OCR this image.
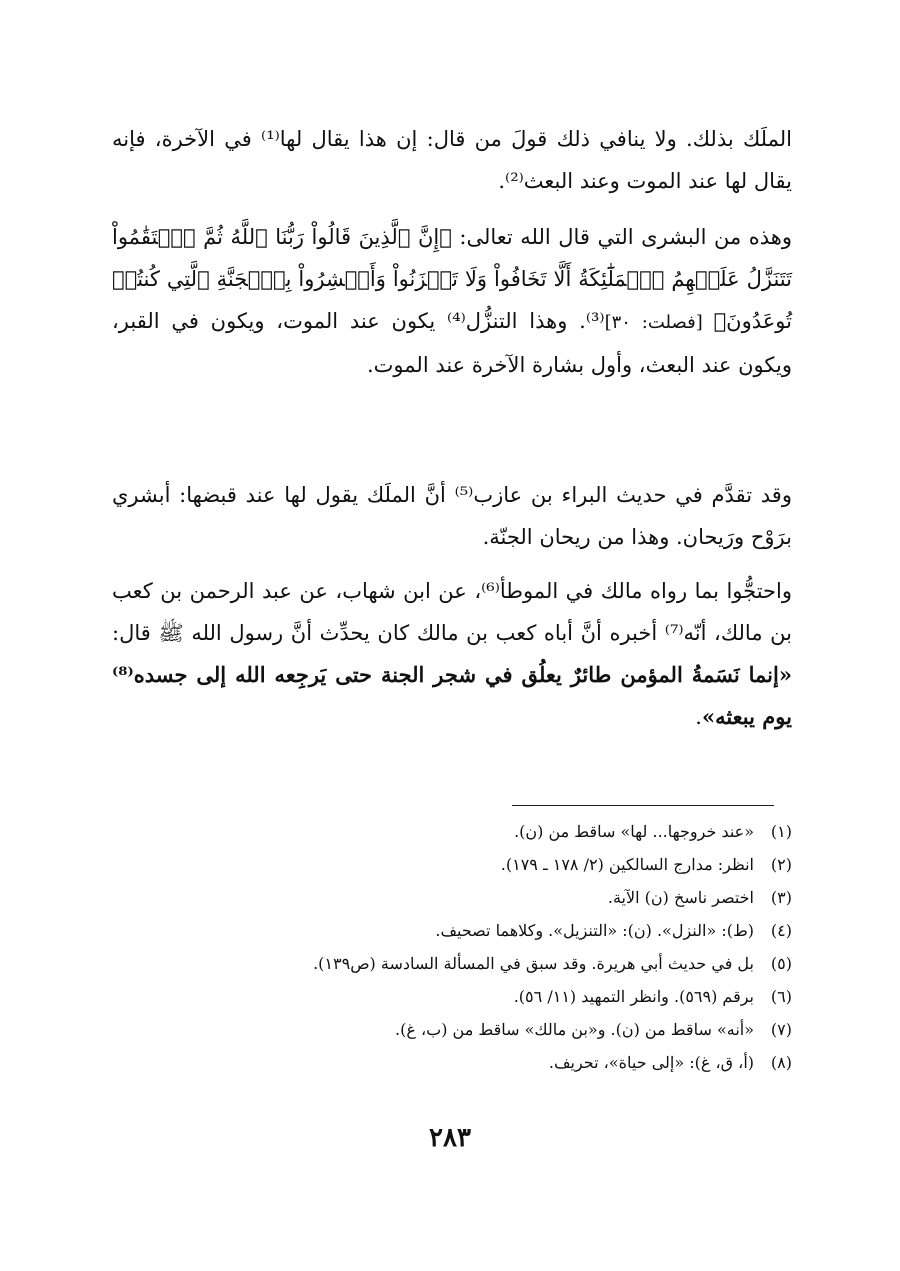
الملَك بذلك. ولا ينافي ذلك قولَ من قال: إن هذا يقال لها⁽¹⁾ في الآخرة، فإنه يقال لها عند الموت وعند البعث⁽²⁾.

وهذه من البشرى التي قال الله تعالى: ﴿إِنَّ ٱلَّذِينَ قَالُواْ رَبُّنَا ٱللَّهُ ثُمَّ ٱسۡتَقَٰمُواْ تَتَنَزَّلُ عَلَيۡهِمُ ٱلۡمَلَٰٓئِكَةُ أَلَّا تَخَافُواْ وَلَا تَحۡزَنُواْ وَأَبۡشِرُواْ بِٱلۡجَنَّةِ ٱلَّتِي كُنتُمۡ تُوعَدُونَ﴾ [فصلت: ٣٠]⁽³⁾. وهذا التنزُّل⁽⁴⁾ يكون عند الموت، ويكون في القبر، ويكون عند البعث، وأول بشارة الآخرة عند الموت.

وقد تقدَّم في حديث البراء بن عازب⁽⁵⁾ أنَّ الملَك يقول لها عند قبضها: أبشري برَوْح ورَيحان. وهذا من ريحان الجنّة.

واحتجُّوا بما رواه مالك في الموطأ⁽⁶⁾، عن ابن شهاب، عن عبد الرحمن بن كعب بن مالك، أنّه⁽⁷⁾ أخبره أنَّ أباه كعب بن مالك كان يحدِّث أنَّ رسول الله ﷺ قال: «إنما نَسَمةُ المؤمن طائرٌ يعلُق في شجر الجنة حتى يَرجِعه الله إلى جسده⁽⁸⁾ يوم يبعثه».

(١)
«عند خروجها... لها» ساقط من (ن).
(٢)
انظر: مدارج السالكين (٢/ ١٧٨ ـ ١٧٩).
(٣)
اختصر ناسخ (ن) الآية.
(٤)
(ط): «النزل». (ن): «التنزيل». وكلاهما تصحيف.
(٥)
بل في حديث أبي هريرة. وقد سبق في المسألة السادسة (ص١٣٩).
(٦)
برقم (٥٦٩). وانظر التمهيد (١١/ ٥٦).
(٧)
«أنه» ساقط من (ن). و«بن مالك» ساقط من (ب، غ).
(٨)
(أ، ق، غ): «إلى حياة»، تحريف.
٢٨٣
